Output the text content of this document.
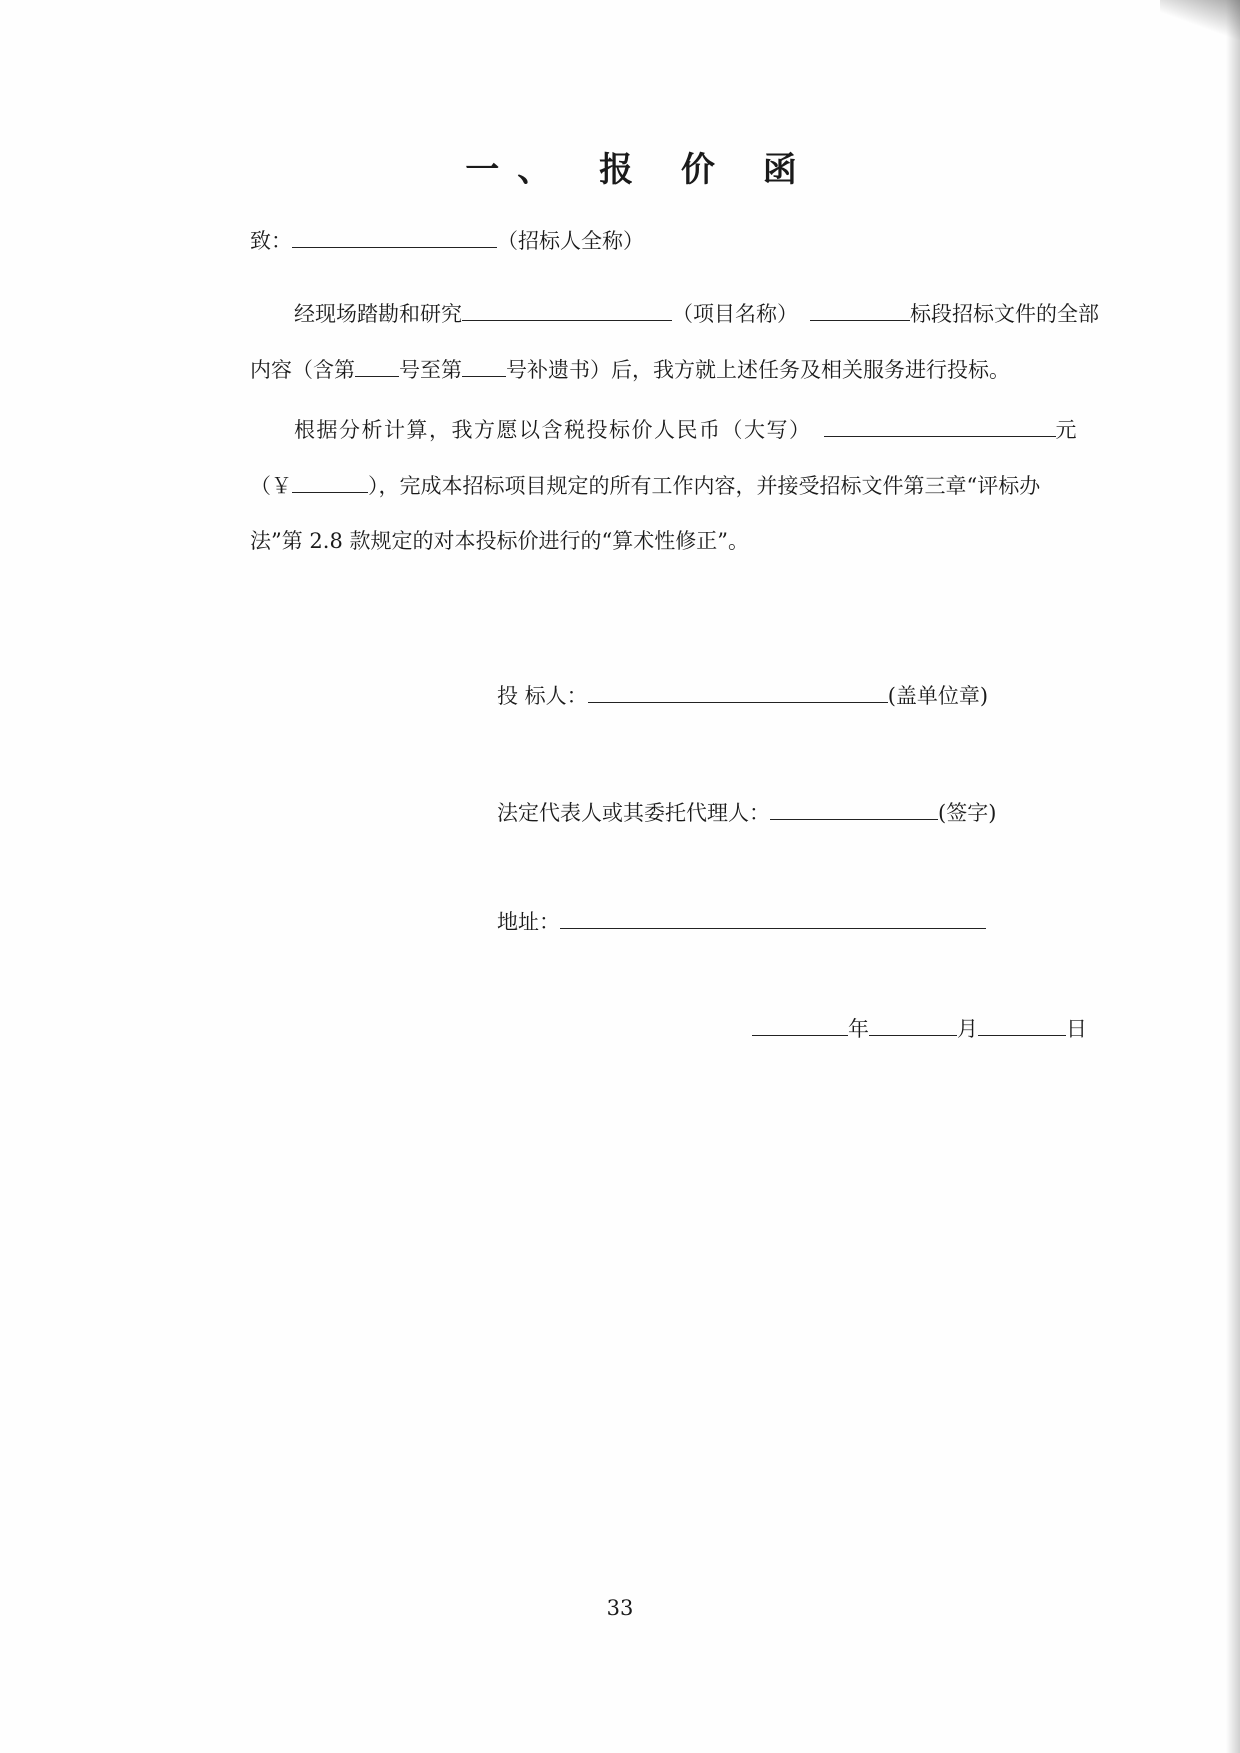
一、 报 价 函
致：	（招标人全称）
经现场踏勘和研究	（项目名称）	标段招标文件的全部
内容（含第 号至第 号补遗书）后，我方就上述任务及相关服务进行投标。
根据分析计算，我方愿以含税投标价人民币（大写）	元
（￥	），完成本招标项目规定的所有工作内容，并接受招标文件第三章“评标办
法”第 2.8 款规定的对本投标价进行的“算术性修正”。
投 标人：	(盖单位章)
法定代表人或其委托代理人：	(签字)
地址：
年	月	日
33
